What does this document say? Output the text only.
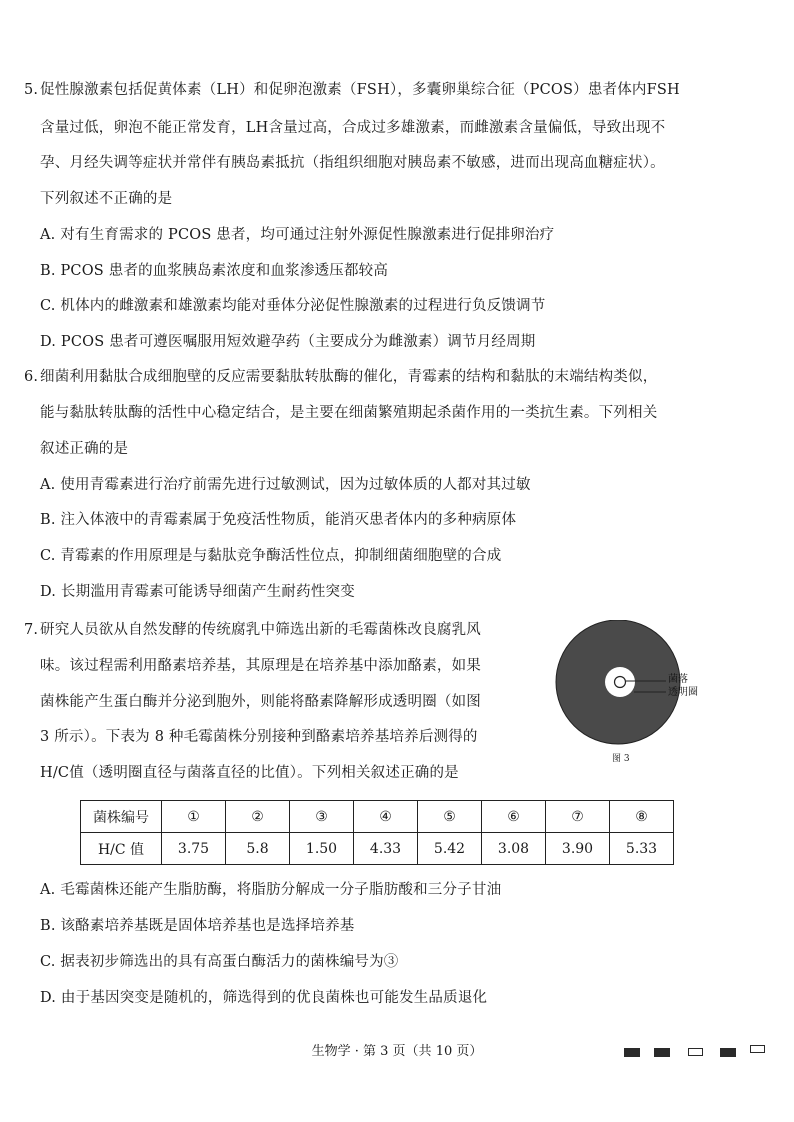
5. 促性腺激素包括促黄体素（LH）和促卵泡激素（FSH），多囊卵巢综合征（PCOS）患者体内FSH
含量过低，卵泡不能正常发育，LH含量过高，合成过多雄激素，而雌激素含量偏低，导致出现不
孕、月经失调等症状并常伴有胰岛素抵抗（指组织细胞对胰岛素不敏感，进而出现高血糖症状）。
下列叙述不正确的是
A. 对有生育需求的 PCOS 患者，均可通过注射外源促性腺激素进行促排卵治疗
B. PCOS 患者的血浆胰岛素浓度和血浆渗透压都较高
C. 机体内的雌激素和雄激素均能对垂体分泌促性腺激素的过程进行负反馈调节
D. PCOS 患者可遵医嘱服用短效避孕药（主要成分为雌激素）调节月经周期
6. 细菌利用黏肽合成细胞壁的反应需要黏肽转肽酶的催化，青霉素的结构和黏肽的末端结构类似，
能与黏肽转肽酶的活性中心稳定结合，是主要在细菌繁殖期起杀菌作用的一类抗生素。下列相关
叙述正确的是
A. 使用青霉素进行治疗前需先进行过敏测试，因为过敏体质的人都对其过敏
B. 注入体液中的青霉素属于免疫活性物质，能消灭患者体内的多种病原体
C. 青霉素的作用原理是与黏肽竞争酶活性位点，抑制细菌细胞壁的合成
D. 长期滥用青霉素可能诱导细菌产生耐药性突变
7. 研究人员欲从自然发酵的传统腐乳中筛选出新的毛霉菌株改良腐乳风
味。该过程需利用酪素培养基，其原理是在培养基中添加酪素，如果
菌株能产生蛋白酶并分泌到胞外，则能将酪素降解形成透明圈（如图
3 所示）。下表为 8 种毛霉菌株分别接种到酪素培养基培养后测得的
H/C值（透明圈直径与菌落直径的比值）。下列相关叙述正确的是
菌落
透明圈
图 3
菌株编号	①	②	③	④	⑤	⑥	⑦	⑧
H/C 值	3.75	5.8	1.50	4.33	5.42	3.08	3.90	5.33
A. 毛霉菌株还能产生脂肪酶，将脂肪分解成一分子脂肪酸和三分子甘油
B. 该酪素培养基既是固体培养基也是选择培养基
C. 据表初步筛选出的具有高蛋白酶活力的菌株编号为③
D. 由于基因突变是随机的，筛选得到的优良菌株也可能发生品质退化
生物学 · 第 3 页（共 10 页）
